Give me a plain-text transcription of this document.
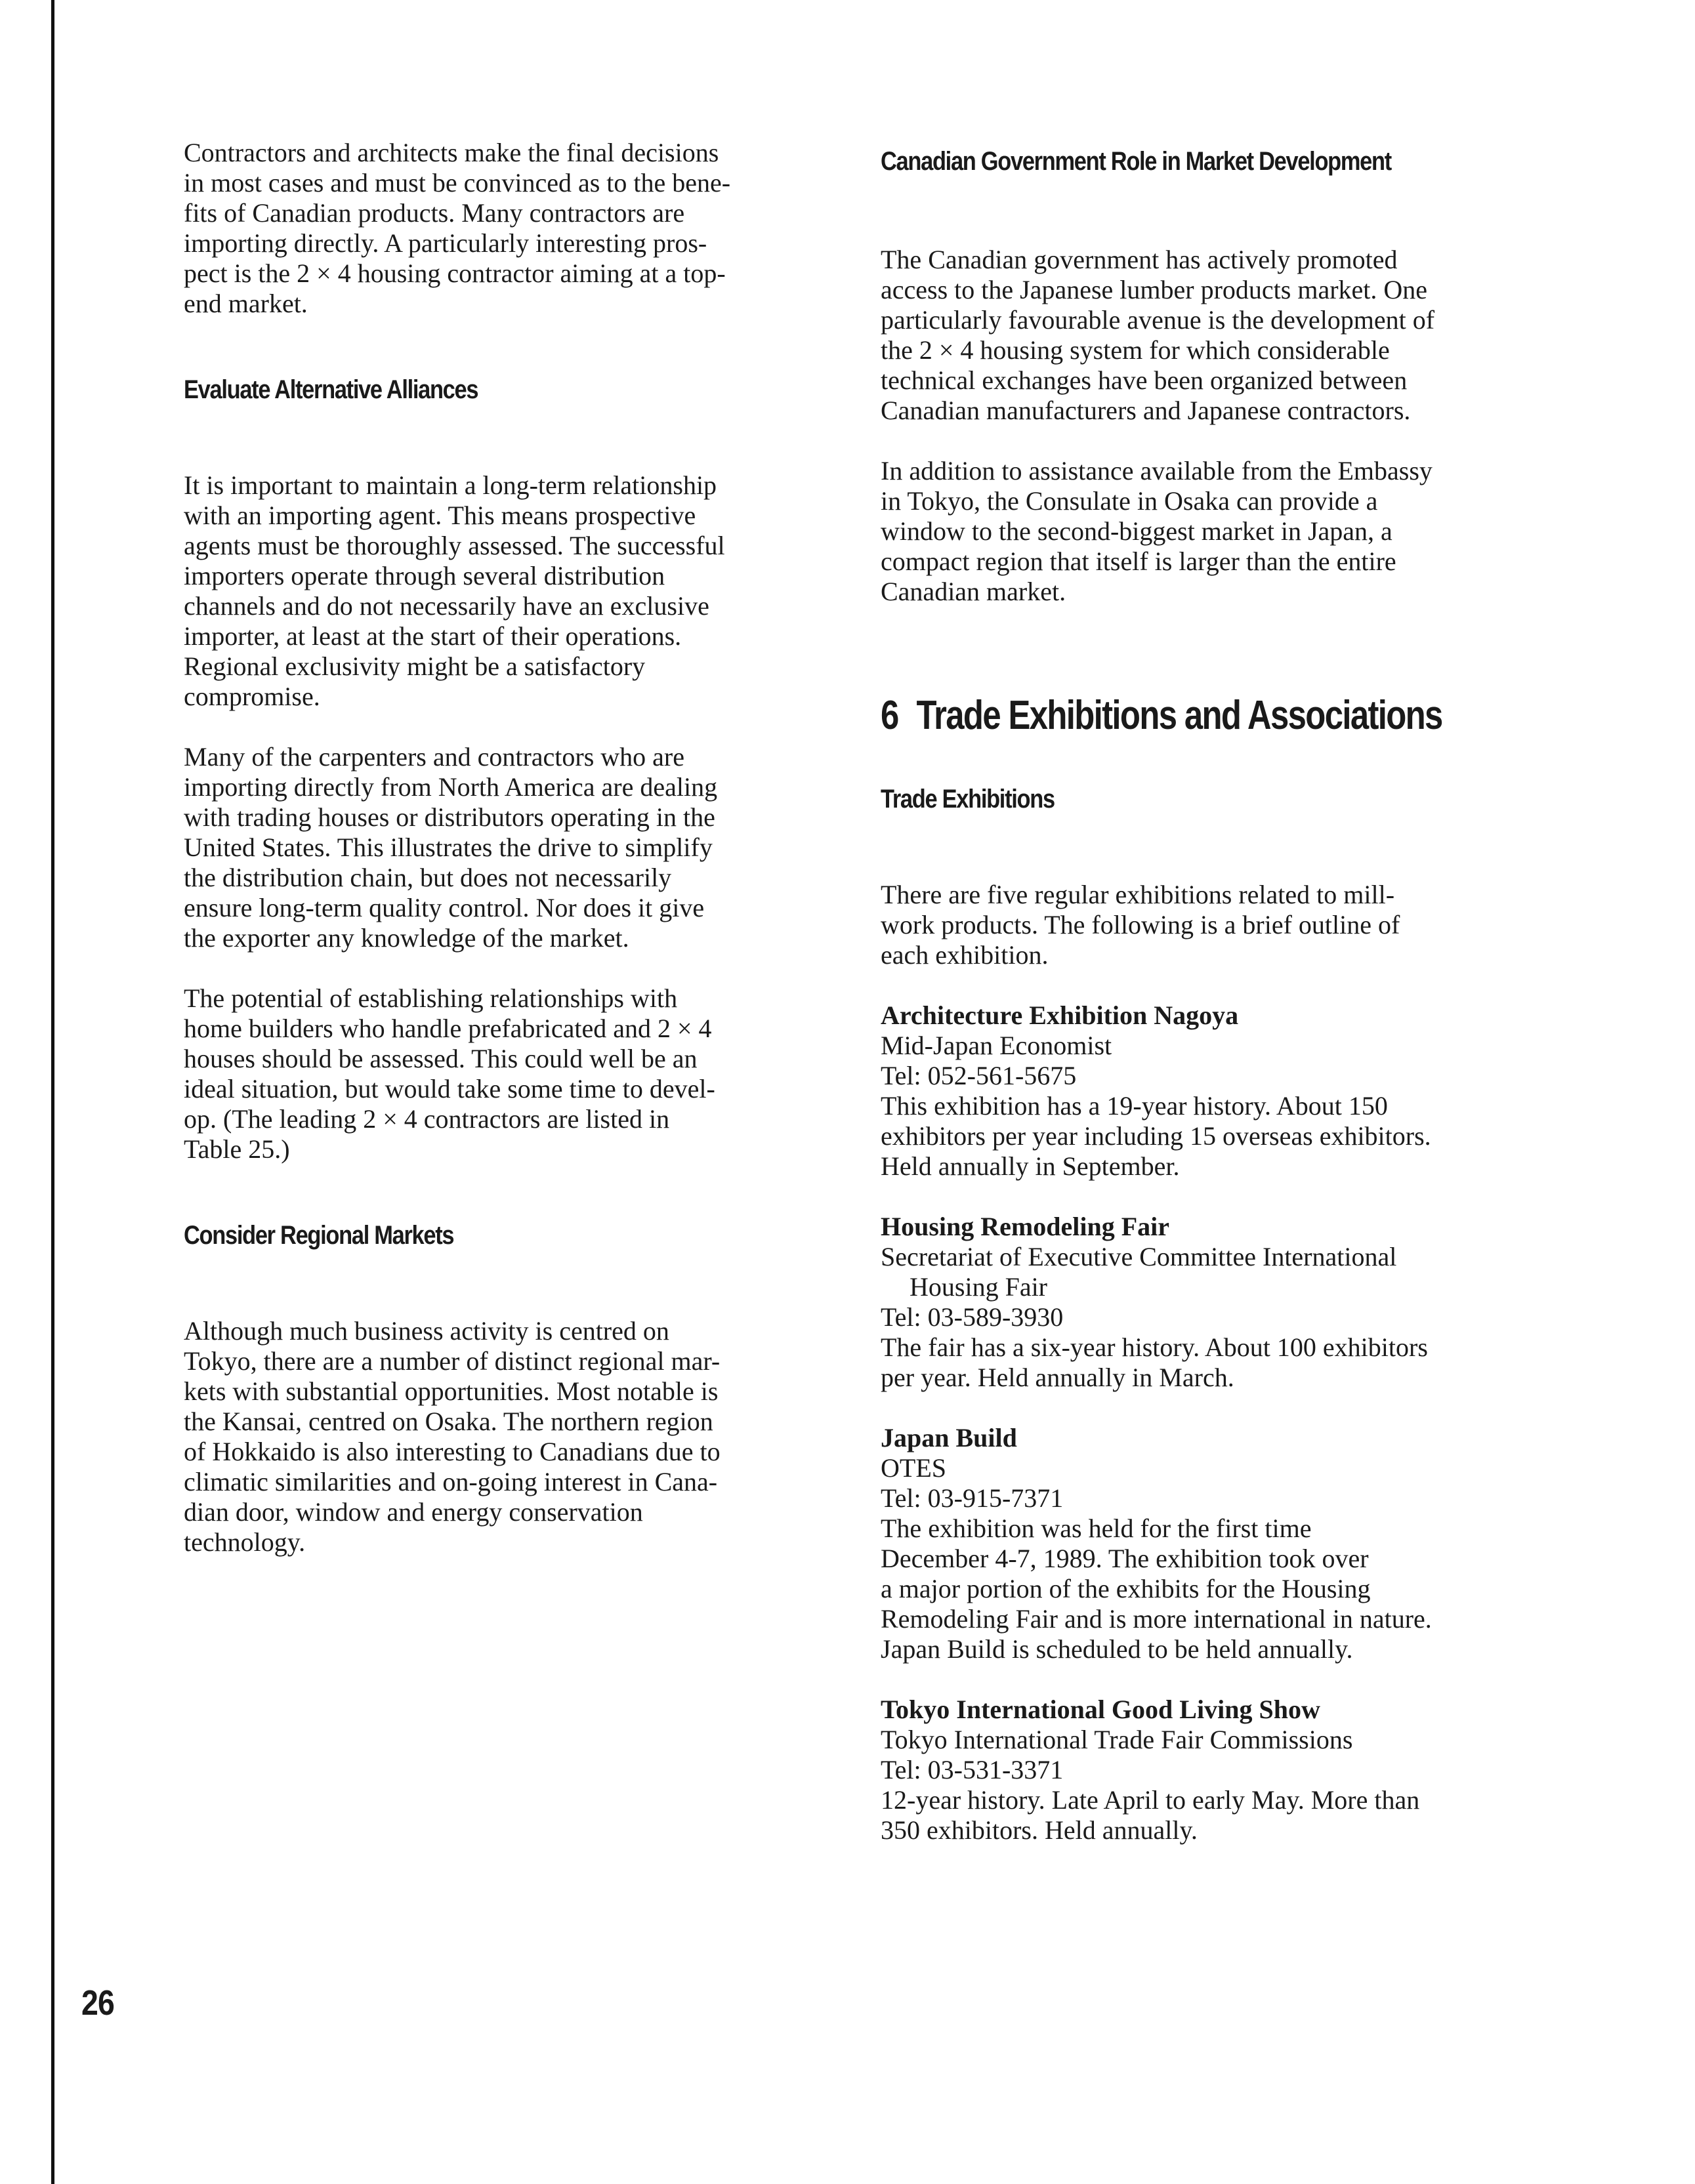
Contractors and architects make the final decisions
in most cases and must be convinced as to the bene-
fits of Canadian products. Many contractors are
importing directly. A particularly interesting pros-
pect is the 2 × 4 housing contractor aiming at a top-
end market.

Evaluate Alternative Alliances

It is important to maintain a long-term relationship
with an importing agent. This means prospective
agents must be thoroughly assessed. The successful
importers operate through several distribution
channels and do not necessarily have an exclusive
importer, at least at the start of their operations.
Regional exclusivity might be a satisfactory
compromise.

Many of the carpenters and contractors who are
importing directly from North America are dealing
with trading houses or distributors operating in the
United States. This illustrates the drive to simplify
the distribution chain, but does not necessarily
ensure long-term quality control. Nor does it give
the exporter any knowledge of the market.

The potential of establishing relationships with
home builders who handle prefabricated and 2 × 4
houses should be assessed. This could well be an
ideal situation, but would take some time to devel-
op. (The leading 2 × 4 contractors are listed in
Table 25.)

Consider Regional Markets

Although much business activity is centred on
Tokyo, there are a number of distinct regional mar-
kets with substantial opportunities. Most notable is
the Kansai, centred on Osaka. The northern region
of Hokkaido is also interesting to Canadians due to
climatic similarities and on-going interest in Cana-
dian door, window and energy conservation
technology.

Canadian Government Role in Market Development

The Canadian government has actively promoted
access to the Japanese lumber products market. One
particularly favourable avenue is the development of
the 2 × 4 housing system for which considerable
technical exchanges have been organized between
Canadian manufacturers and Japanese contractors.

In addition to assistance available from the Embassy
in Tokyo, the Consulate in Osaka can provide a
window to the second-biggest market in Japan, a
compact region that itself is larger than the entire
Canadian market.

6 Trade Exhibitions and Associations
Trade Exhibitions

There are five regular exhibitions related to mill-
work products. The following is a brief outline of
each exhibition.

Architecture Exhibition Nagoya

Mid-Japan Economist

Tel: 052-561-5675

This exhibition has a 19-year history. About 150
exhibitors per year including 15 overseas exhibitors.
Held annually in September.

Housing Remodeling Fair

Secretariat of Executive Committee International

Housing Fair

Tel: 03-589-3930

The fair has a six-year history. About 100 exhibitors
per year. Held annually in March.

Japan Build

OTES

Tel: 03-915-7371

The exhibition was held for the first time
December 4-7, 1989. The exhibition took over
a major portion of the exhibits for the Housing
Remodeling Fair and is more international in nature.
Japan Build is scheduled to be held annually.

Tokyo International Good Living Show

Tokyo International Trade Fair Commissions

Tel: 03-531-3371

12-year history. Late April to early May. More than
350 exhibitors. Held annually.

26
